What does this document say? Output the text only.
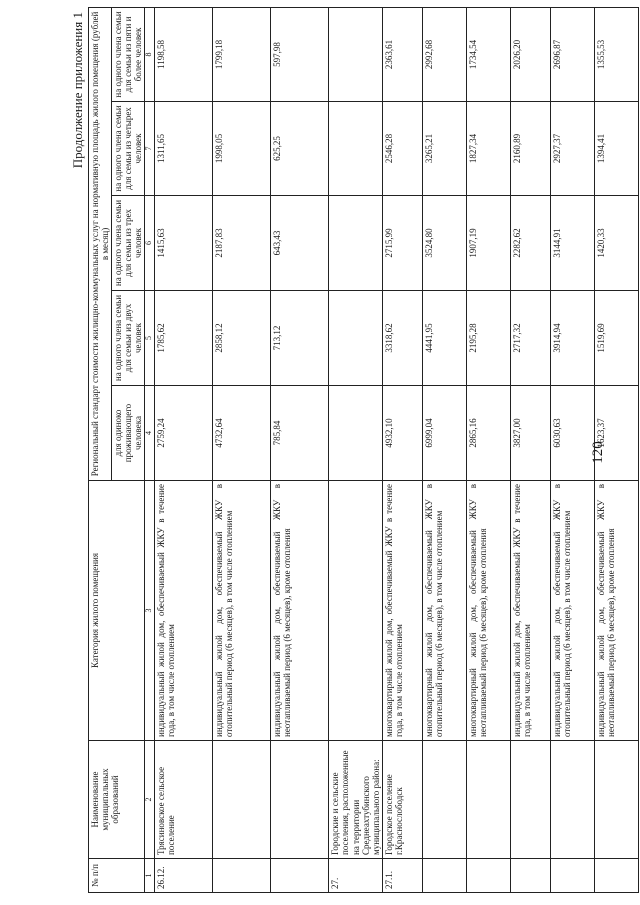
120
Продолжение приложения 1
№ п/п	Наименование муниципальных образований	Категория жилого помещения	Региональный стандарт стоимости жилищно-коммунальных услуг на нормативную площадь жилого помещения (рублей в месяц)				
			для одиноко проживающего человека	на одного члена семьи для семьи из двух человек	на одного члена семьи для семьи из трех человек	на одного члена семьи для семьи из четырех человек	на одного члена семьи для семьи из пяти и более человек
1	2	3	4	5	6	7	8
26.12.	Трясиновское сельское поселение	индивидуальный жилой дом, обеспечиваемый ЖКУ в течение года, в том числе отоплением	2759,24	1785,62	1415,63	1311,65	1198,58
		индивидуальный жилой дом, обеспечиваемый ЖКУ в отопительный период (6 месяцев), в том числе отоплением	4732,64	2858,12	2187,83	1998,05	1799,18
		индивидуальный жилой дом, обеспечиваемый ЖКУ в неотапливаемый период (6 месяцев), кроме отопления	785,84	713,12	643,43	625,25	597,98
27.	Городские и сельские поселения, расположенные на территории Среднеахтубинского муниципального района:						
27.1.	Городское поселение г.Краснослободск	многоквартирный жилой дом, обеспечиваемый ЖКУ в течение года, в том числе отоплением	4932,10	3318,62	2715,99	2546,28	2363,61
		многоквартирный жилой дом, обеспечиваемый ЖКУ в отопительный период (6 месяцев), в том числе отоплением	6999,04	4441,95	3524,80	3265,21	2992,68
		многоквартирный жилой дом, обеспечиваемый ЖКУ в неотапливаемый период (6 месяцев), кроме отопления	2865,16	2195,28	1907,19	1827,34	1734,54
		индивидуальный жилой дом, обеспечиваемый ЖКУ в течение года, в том числе отоплением	3827,00	2717,32	2282,62	2160,89	2026,20
		индивидуальный жилой дом, обеспечиваемый ЖКУ в отопительный период (6 месяцев), в том числе отоплением	6030,63	3914,94	3144,91	2927,37	2696,87
		индивидуальный жилой дом, обеспечиваемый ЖКУ в неотапливаемый период (6 месяцев), кроме отопления	1623,37	1519,69	1420,33	1394,41	1355,53
